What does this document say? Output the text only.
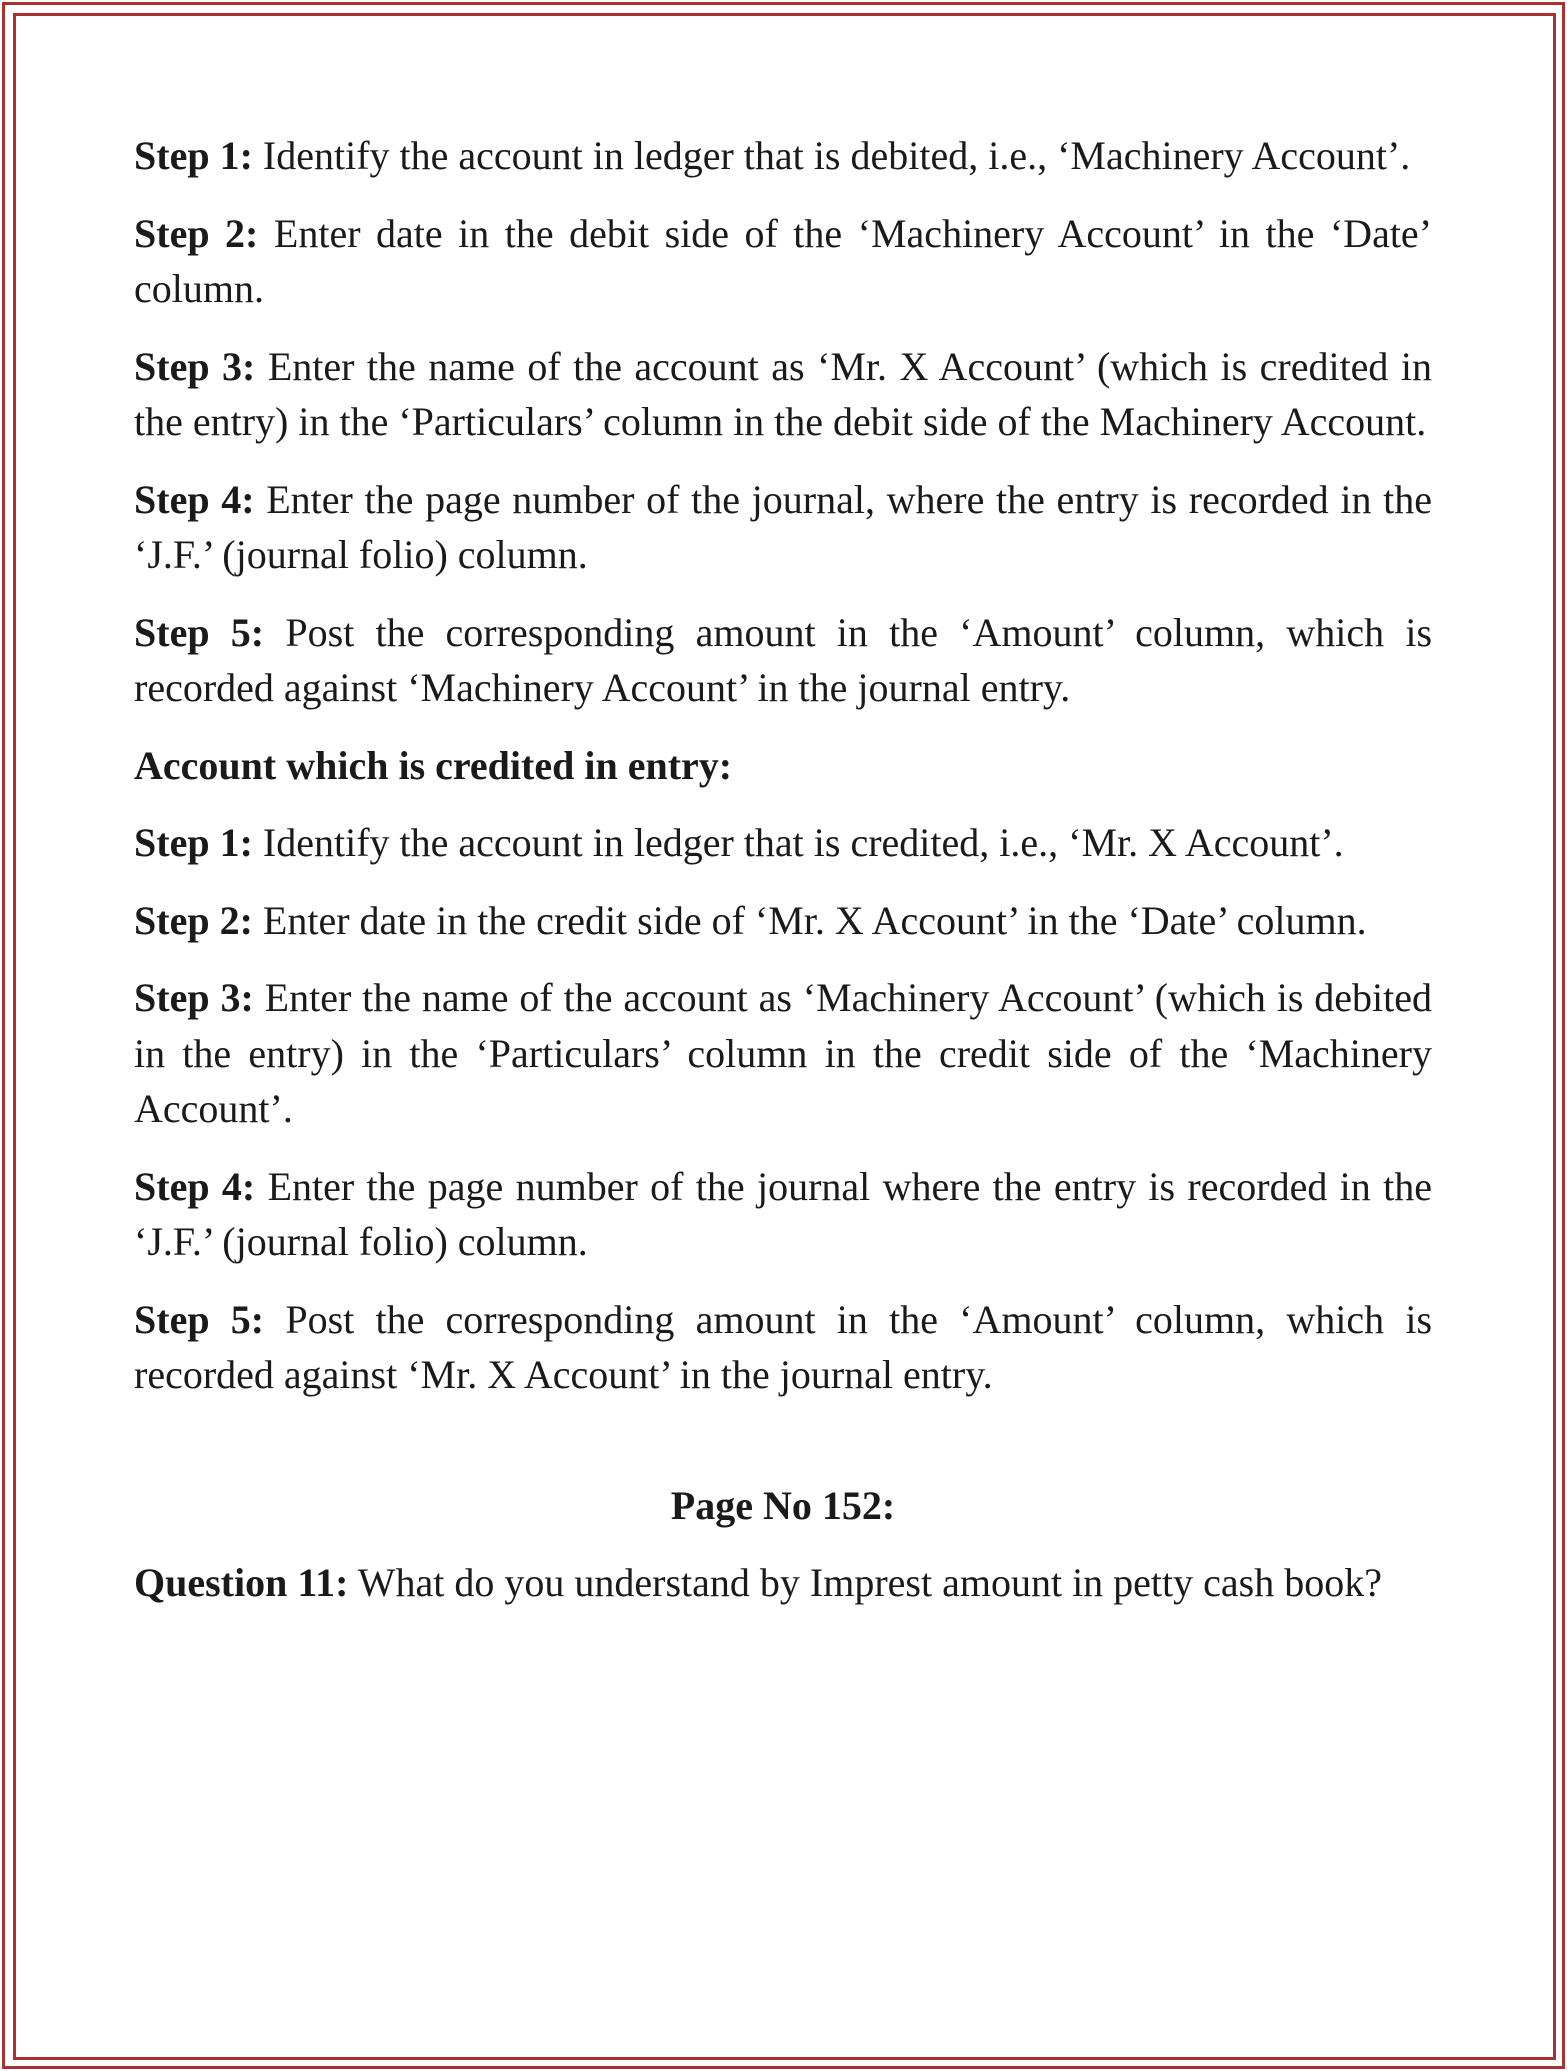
Step 1: Identify the account in ledger that is debited, i.e., ‘Machinery Account’.

Step 2: Enter date in the debit side of the ‘Machinery Account’ in the ‘Date’ column.

Step 3: Enter the name of the account as ‘Mr. X Account’ (which is credited in the entry) in the ‘Particulars’ column in the debit side of the Machinery Account.

Step 4: Enter the page number of the journal, where the entry is recorded in the ‘J.F.’ (journal folio) column.

Step 5: Post the corresponding amount in the ‘Amount’ column, which is recorded against ‘Machinery Account’ in the journal entry.

Account which is credited in entry:

Step 1: Identify the account in ledger that is credited, i.e., ‘Mr. X Account’.

Step 2: Enter date in the credit side of ‘Mr. X Account’ in the ‘Date’ column.

Step 3: Enter the name of the account as ‘Machinery Account’ (which is debited in the entry) in the ‘Particulars’ column in the credit side of the ‘Machinery Account’.

Step 4: Enter the page number of the journal where the entry is recorded in the ‘J.F.’ (journal folio) column.

Step 5: Post the corresponding amount in the ‘Amount’ column, which is recorded against ‘Mr. X Account’ in the journal entry.

Page No 152:

Question 11: What do you understand by Imprest amount in petty cash book?
